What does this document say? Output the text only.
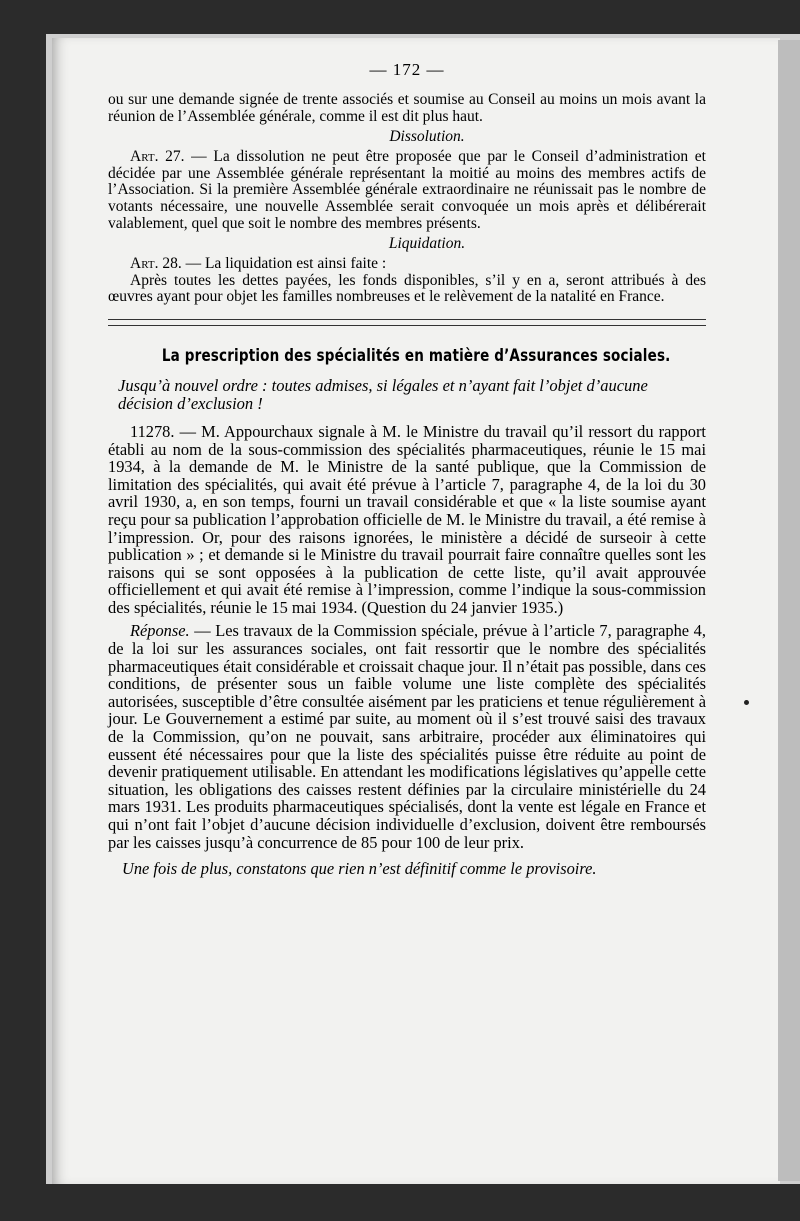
— 172 —

ou sur une demande signée de trente associés et soumise au Conseil au moins un mois avant la réunion de l’Assemblée générale, comme il est dit plus haut.

Dissolution.

Art. 27. — La dissolution ne peut être proposée que par le Conseil d’administration et décidée par une Assemblée générale représentant la moitié au moins des membres actifs de l’Association. Si la première Assemblée générale extraordinaire ne réunissait pas le nombre de votants nécessaire, une nouvelle Assemblée serait convoquée un mois après et délibérerait valablement, quel que soit le nombre des membres présents.

Liquidation.

Art. 28. — La liquidation est ainsi faite :

Après toutes les dettes payées, les fonds disponibles, s’il y en a, seront attribués à des œuvres ayant pour objet les familles nombreuses et le relèvement de la natalité en France.

La prescription des spécialités en matière d’Assurances sociales.
Jusqu’à nouvel ordre : toutes admises, si légales et n’ayant fait l’objet d’aucune décision d’exclusion !

11278. — M. Appourchaux signale à M. le Ministre du travail qu’il ressort du rapport établi au nom de la sous-commission des spécialités pharmaceutiques, réunie le 15 mai 1934, à la demande de M. le Ministre de la santé publique, que la Commission de limitation des spécialités, qui avait été prévue à l’article 7, paragraphe 4, de la loi du 30 avril 1930, a, en son temps, fourni un travail considérable et que « la liste soumise ayant reçu pour sa publication l’approbation officielle de M. le Ministre du travail, a été remise à l’impression. Or, pour des raisons ignorées, le ministère a décidé de surseoir à cette publication » ; et demande si le Ministre du travail pourrait faire connaître quelles sont les raisons qui se sont opposées à la publication de cette liste, qu’il avait approuvée officiellement et qui avait été remise à l’impression, comme l’indique la sous-commission des spécialités, réunie le 15 mai 1934. (Question du 24 janvier 1935.)

Réponse. — Les travaux de la Commission spéciale, prévue à l’article 7, paragraphe 4, de la loi sur les assurances sociales, ont fait ressortir que le nombre des spécialités pharmaceutiques était considérable et croissait chaque jour. Il n’était pas possible, dans ces conditions, de présenter sous un faible volume une liste complète des spécialités autorisées, susceptible d’être consultée aisément par les praticiens et tenue régulièrement à jour. Le Gouvernement a estimé par suite, au moment où il s’est trouvé saisi des travaux de la Commission, qu’on ne pouvait, sans arbitraire, procéder aux éliminatoires qui eussent été nécessaires pour que la liste des spécialités puisse être réduite au point de devenir pratiquement utilisable. En attendant les modifications législatives qu’appelle cette situation, les obligations des caisses restent définies par la circulaire ministérielle du 24 mars 1931. Les produits pharmaceutiques spécialisés, dont la vente est légale en France et qui n’ont fait l’objet d’aucune décision individuelle d’exclusion, doivent être remboursés par les caisses jusqu’à concurrence de 85 pour 100 de leur prix.

Une fois de plus, constatons que rien n’est définitif comme le provisoire.
